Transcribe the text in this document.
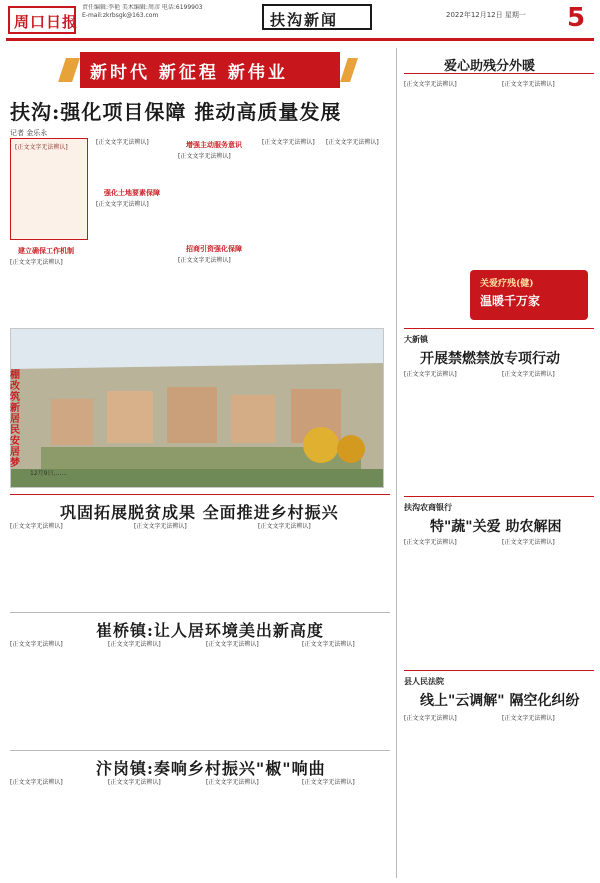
周口日报
责任编辑:李艳 美术编辑:周彦 电话:6199903
E-mail:zkrbsgk@163.com	扶沟新闻	2022年12月12日 星期一	5
新时代 新征程 新伟业
扶沟:强化项目保障 推动高质量发展
记者 金乐永

[正文文字无法辨认]

建立确保工作机制
[正文文字无法辨认]
[正文文字无法辨认]
强化土地要素保障
[正文文字无法辨认]
增强主动服务意识
[正文文字无法辨认]
招商引资强化保障
[正文文字无法辨认]
[正文文字无法辨认]	[正文文字无法辨认]
棚
改
筑
新
居
民
安
居
梦
12月9日,……
巩固拓展脱贫成果 全面推进乡村振兴
[正文文字无法辨认]	[正文文字无法辨认]	[正文文字无法辨认]
崔桥镇:让人居环境美出新高度
[正文文字无法辨认]	[正文文字无法辨认]	[正文文字无法辨认]	[正文文字无法辨认]
汴岗镇:奏响乡村振兴"椒"响曲
[正文文字无法辨认]	[正文文字无法辨认]	[正文文字无法辨认]	[正文文字无法辨认]
爱心助残分外暖
[正文文字无法辨认]	[正文文字无法辨认]
关爱疗残(健)
温暖千万家
大新镇
开展禁燃禁放专项行动
[正文文字无法辨认]	[正文文字无法辨认]
扶沟农商银行
特"蔬"关爱 助农解困
[正文文字无法辨认]	[正文文字无法辨认]
县人民法院
线上"云调解" 隔空化纠纷
[正文文字无法辨认]	[正文文字无法辨认]
